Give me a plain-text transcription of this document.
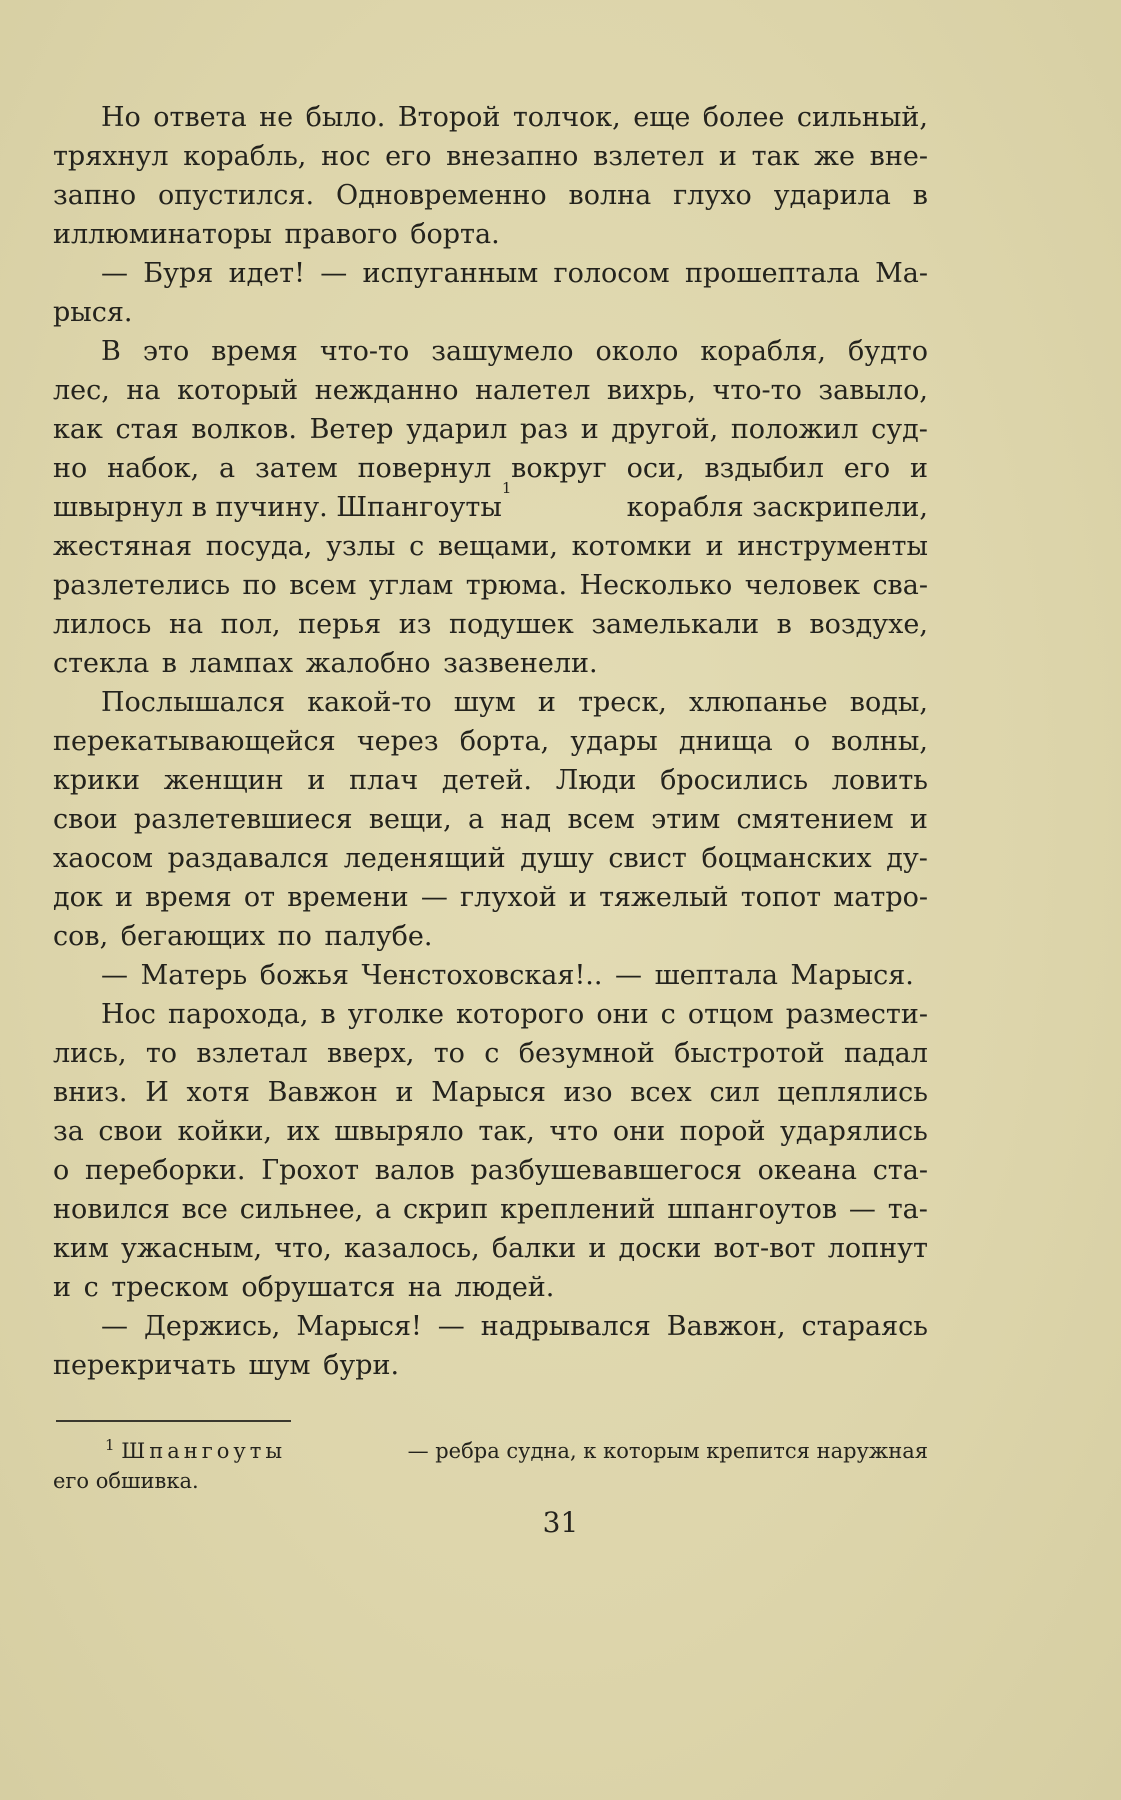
Но ответа не было. Второй толчок, еще более сильный,
тряхнул корабль, нос его внезапно взлетел и так же вне-
запно опустился. Одновременно волна глухо ударила в
иллюминаторы правого борта.
— Буря идет! — испуганным голосом прошептала Ма-
рыся.
В это время что-то зашумело около корабля, будто
лес, на который нежданно налетел вихрь, что-то завыло,
как стая волков. Ветер ударил раз и другой, положил суд-
но набок, а затем повернул вокруг оси, вздыбил его и
швырнул в пучину. Шпангоуты
1
корабля заскрипели,
жестяная посуда, узлы с вещами, котомки и инструменты
разлетелись по всем углам трюма. Несколько человек сва-
лилось на пол, перья из подушек замелькали в воздухе,
стекла в лампах жалобно зазвенели.
Послышался какой-то шум и треск, хлюпанье воды,
перекатывающейся через борта, удары днища о волны,
крики женщин и плач детей. Люди бросились ловить
свои разлетевшиеся вещи, а над всем этим смятением и
хаосом раздавался леденящий душу свист боцманских ду-
док и время от времени — глухой и тяжелый топот матро-
сов, бегающих по палубе.
— Матерь божья Ченстоховская!.. — шептала Марыся.
Нос парохода, в уголке которого они с отцом размести-
лись, то взлетал вверх, то с безумной быстротой падал
вниз. И хотя Вавжон и Марыся изо всех сил цеплялись
за свои койки, их швыряло так, что они порой ударялись
о переборки. Грохот валов разбушевавшегося океана ста-
новился все сильнее, а скрип креплений шпангоутов — та-
ким ужасным, что, казалось, балки и доски вот-вот лопнут
и с треском обрушатся на людей.
— Держись, Марыся! — надрывался Вавжон, стараясь
перекричать шум бури.
$^1$ Шпангоуты	— ребра судна, к которым крепится наружная
его обшивка.
31
